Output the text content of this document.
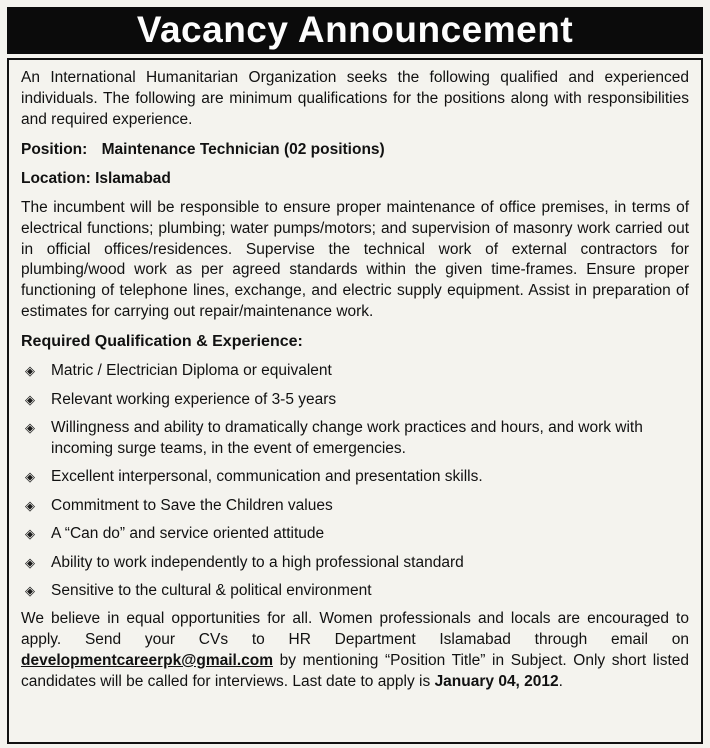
Vacancy Announcement

An International Humanitarian Organization seeks the following qualified and experienced individuals. The following are minimum qualifications for the positions along with responsibilities and required experience.

Position: Maintenance Technician (02 positions)

Location: Islamabad

The incumbent will be responsible to ensure proper maintenance of office premises, in terms of electrical functions; plumbing; water pumps/motors; and supervision of masonry work carried out in official offices/residences. Supervise the technical work of external contractors for plumbing/wood work as per agreed standards within the given time-frames. Ensure proper functioning of telephone lines, exchange, and electric supply equipment. Assist in preparation of estimates for carrying out repair/maintenance work.

Required Qualification & Experience:

◈	Matric / Electrician Diploma or equivalent
◈	Relevant working experience of 3-5 years
◈	Willingness and ability to dramatically change work practices and hours, and work with incoming surge teams, in the event of emergencies.
◈	Excellent interpersonal, communication and presentation skills.
◈	Commitment to Save the Children values
◈	A “Can do” and service oriented attitude
◈	Ability to work independently to a high professional standard
◈	Sensitive to the cultural & political environment

We believe in equal opportunities for all. Women professionals and locals are encouraged to apply. Send your CVs to HR Department Islamabad through email on developmentcareerpk@gmail.com by mentioning “Position Title” in Subject. Only short listed candidates will be called for interviews. Last date to apply is January 04, 2012.
